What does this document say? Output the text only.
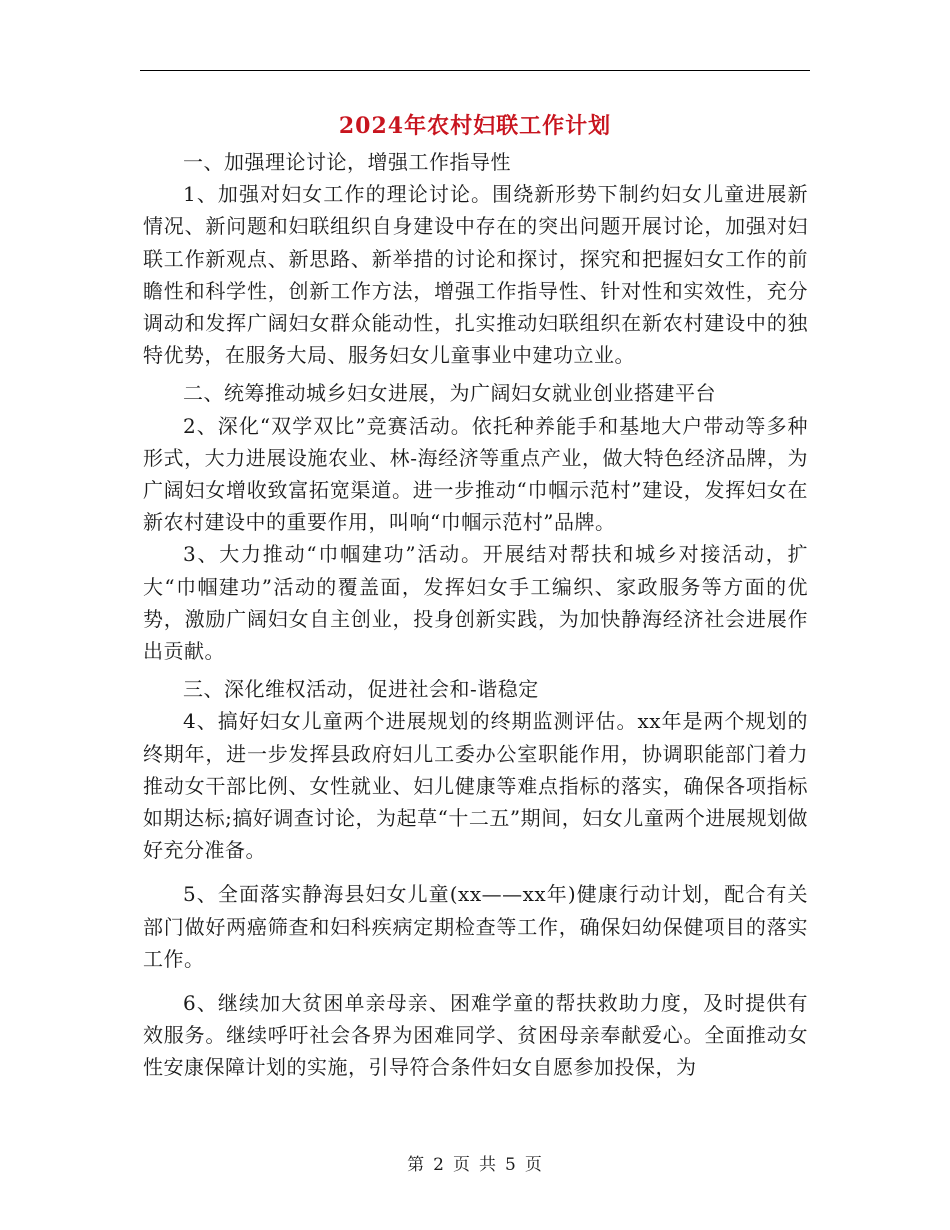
2024年农村妇联工作计划

一、加强理论讨论，增强工作指导性

1、加强对妇女工作的理论讨论。围绕新形势下制约妇女儿童进展新情况、新问题和妇联组织自身建设中存在的突出问题开展讨论，加强对妇联工作新观点、新思路、新举措的讨论和探讨，探究和把握妇女工作的前瞻性和科学性，创新工作方法，增强工作指导性、针对性和实效性，充分调动和发挥广阔妇女群众能动性，扎实推动妇联组织在新农村建设中的独特优势，在服务大局、服务妇女儿童事业中建功立业。

二、统筹推动城乡妇女进展，为广阔妇女就业创业搭建平台

2、深化“双学双比”竞赛活动。依托种养能手和基地大户带动等多种形式，大力进展设施农业、林-海经济等重点产业，做大特色经济品牌，为广阔妇女增收致富拓宽渠道。进一步推动“巾帼示范村”建设，发挥妇女在新农村建设中的重要作用，叫响“巾帼示范村”品牌。

3、大力推动“巾帼建功”活动。开展结对帮扶和城乡对接活动，扩大“巾帼建功”活动的覆盖面，发挥妇女手工编织、家政服务等方面的优势，激励广阔妇女自主创业，投身创新实践，为加快静海经济社会进展作出贡献。

三、深化维权活动，促进社会和-谐稳定

4、搞好妇女儿童两个进展规划的终期监测评估。xx年是两个规划的终期年，进一步发挥县政府妇儿工委办公室职能作用，协调职能部门着力推动女干部比例、女性就业、妇儿健康等难点指标的落实，确保各项指标如期达标;搞好调查讨论，为起草“十二五”期间，妇女儿童两个进展规划做好充分准备。

5、全面落实静海县妇女儿童(xx——xx年)健康行动计划，配合有关部门做好两癌筛查和妇科疾病定期检查等工作，确保妇幼保健项目的落实工作。

6、继续加大贫困单亲母亲、困难学童的帮扶救助力度，及时提供有效服务。继续呼吁社会各界为困难同学、贫困母亲奉献爱心。全面推动女性安康保障计划的实施，引导符合条件妇女自愿参加投保，为

第 2 页 共 5 页
